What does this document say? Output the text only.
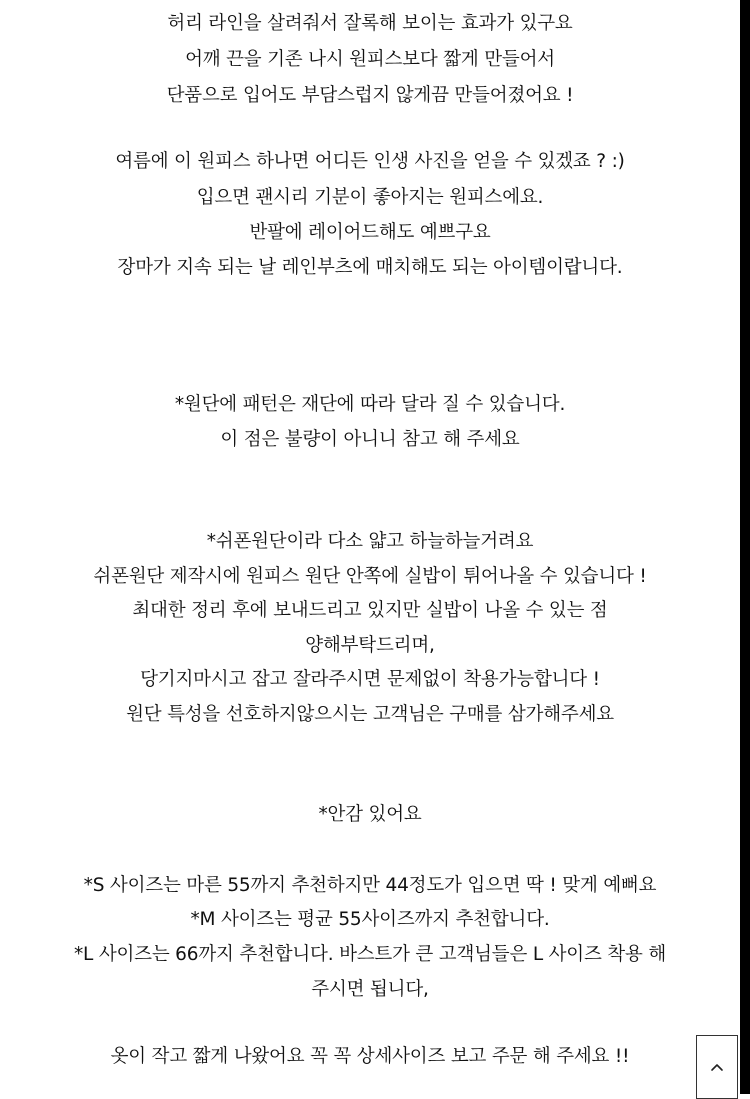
허리 라인을 살려줘서 잘록해 보이는 효과가 있구요
어깨 끈을 기존 나시 원피스보다 짧게 만들어서
단품으로 입어도 부담스럽지 않게끔 만들어졌어요 !
여름에 이 원피스 하나면 어디든 인생 사진을 얻을 수 있겠죠 ? :)
입으면 괜시리 기분이 좋아지는 원피스에요.
반팔에 레이어드해도 예쁘구요
장마가 지속 되는 날 레인부츠에 매치해도 되는 아이템이랍니다.
*원단에 패턴은 재단에 따라 달라 질 수 있습니다.
이 점은 불량이 아니니 참고 해 주세요
*쉬폰원단이라 다소 얇고 하늘하늘거려요
쉬폰원단 제작시에 원피스 원단 안쪽에 실밥이 튀어나올 수 있습니다 !
최대한 정리 후에 보내드리고 있지만 실밥이 나올 수 있는 점
양해부탁드리며,
당기지마시고 잡고 잘라주시면 문제없이 착용가능합니다 !
원단 특성을 선호하지않으시는 고객님은 구매를 삼가해주세요
*안감 있어요
*S 사이즈는 마른 55까지 추천하지만 44정도가 입으면 딱 ! 맞게 예뻐요
*M 사이즈는 평균 55사이즈까지 추천합니다.
*L 사이즈는 66까지 추천합니다. 바스트가 큰 고객님들은 L 사이즈 착용 해
주시면 됩니다,
옷이 작고 짧게 나왔어요 꼭 꼭 상세사이즈 보고 주문 해 주세요 !!
